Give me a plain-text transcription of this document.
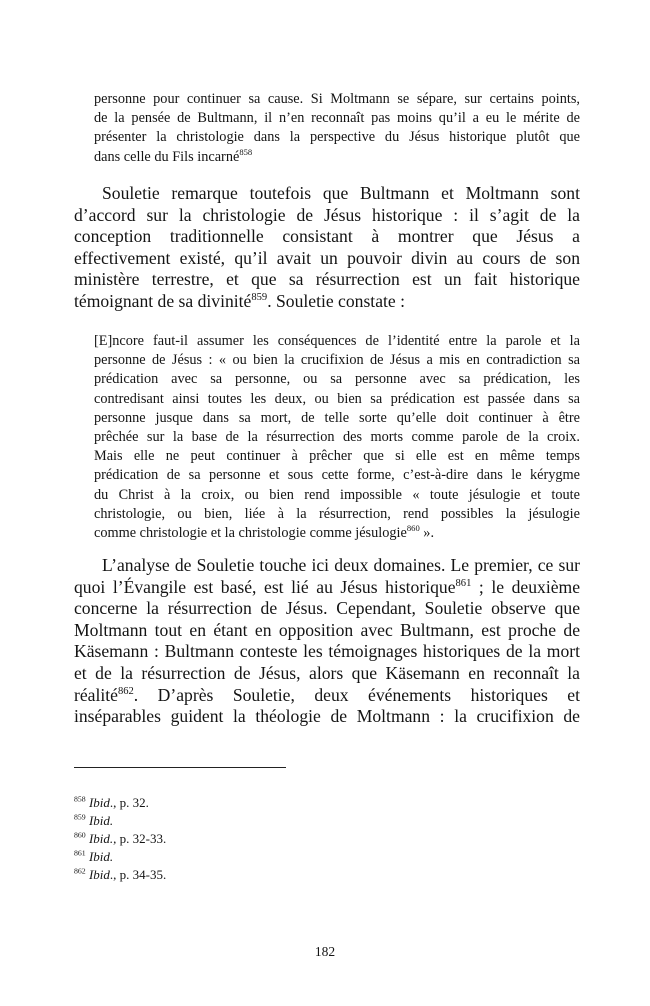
personne pour continuer sa cause. Si Moltmann se sépare, sur certains points,
de la pensée de Bultmann, il n’en reconnaît pas moins qu’il a eu le mérite de
présenter la christologie dans la perspective du Jésus historique plutôt que
dans celle du Fils incarné$^{858}$
Souletie remarque toutefois que Bultmann et Moltmann sont
d’accord sur la christologie de Jésus historique : il s’agit de la
conception traditionnelle consistant à montrer que Jésus a
effectivement existé, qu’il avait un pouvoir divin au cours de son
ministère terrestre, et que sa résurrection est un fait historique
témoignant de sa divinité$^{859}$. Souletie constate :
[E]ncore faut-il assumer les conséquences de l’identité entre la parole et la
personne de Jésus : « ou bien la crucifixion de Jésus a mis en contradiction sa
prédication avec sa personne, ou sa personne avec sa prédication, les
contredisant ainsi toutes les deux, ou bien sa prédication est passée dans sa
personne jusque dans sa mort, de telle sorte qu’elle doit continuer à être
prêchée sur la base de la résurrection des morts comme parole de la croix.
Mais elle ne peut continuer à prêcher que si elle est en même temps
prédication de sa personne et sous cette forme, c’est-à-dire dans le kérygme
du Christ à la croix, ou bien rend impossible « toute jésulogie et toute
christologie, ou bien, liée à la résurrection, rend possibles la jésulogie
comme christologie et la christologie comme jésulogie$^{860}$ ».
L’analyse de Souletie touche ici deux domaines. Le premier, ce sur
quoi l’Évangile est basé, est lié au Jésus historique$^{861}$ ; le deuxième
concerne la résurrection de Jésus. Cependant, Souletie observe que
Moltmann tout en étant en opposition avec Bultmann, est proche de
Käsemann : Bultmann conteste les témoignages historiques de la mort
et de la résurrection de Jésus, alors que Käsemann en reconnaît la
réalité$^{862}$. D’après Souletie, deux événements historiques et
inséparables guident la théologie de Moltmann : la crucifixion de
$^{858}$ Ibid., p. 32.
$^{859}$ Ibid.
$^{860}$ Ibid., p. 32-33.
$^{861}$ Ibid.
$^{862}$ Ibid., p. 34-35.
182
